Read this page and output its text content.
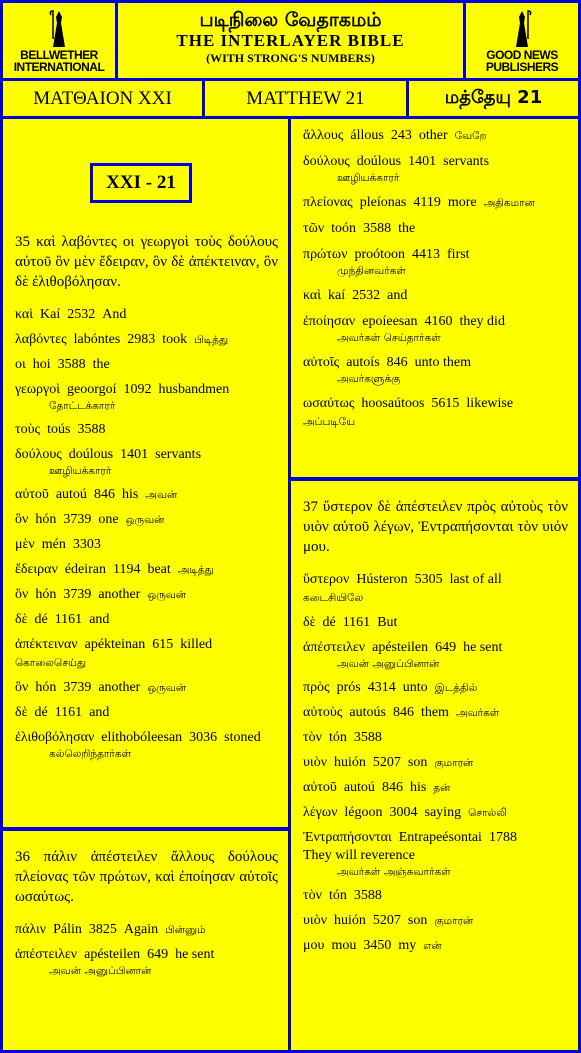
BELLWETHER
INTERNATIONAL
படிநிலை வேதாகமம்
THE INTERLAYER BIBLE
(WITH STRONG'S NUMBERS)	GOOD NEWS
PUBLISHERS
ΜΑΤΘΑΙΟΝ XXI	MATTHEW 21	மத்தேயு 21
XXI - 21
35 καὶ λαβόντες οι γεωργοὶ τοὺς δούλους αὐτοῦ ὃν μὲν ἔδειραν, ὃν δὲ ἀπέκτειναν, ὃν δὲ ἐλιθοβόλησαν.
καὶ Kaí 2532 And
λαβόντες labóntes 2983 took பிடித்து
οι hoi 3588 the
γεωργοὶ geoorgoí 1092 husbandmen
தோட்டக்காரர்
τοὺς toús 3588
δούλους doúlous 1401 servants
ஊழியக்காரர்
αὐτοῦ autoú 846 his அவன்
ὃν hón 3739 one ஒருவன்
μὲν mén 3303
ἔδειραν édeiran 1194 beat அடித்து
ὃν hón 3739 another ஒருவன்
δὲ dé 1161 and
ἀπέκτειναν apékteinan 615 killed
கொலைசெய்து
ὃν hón 3739 another ஒருவன்
δὲ dé 1161 and
ἐλιθοβόλησαν elithobóleesan 3036 stoned
கல்லெறிந்தார்கள்
36 πάλιν ἀπέστειλεν ἄλλους δούλους πλείονας τῶν πρώτων, καὶ ἐποίησαν αὐτοῖς ωσαύτως.
πάλιν Pálin 3825 Again பின்னும்
ἀπέστειλεν apésteilen 649 he sent
அவன் அனுப்பினான்
ἄλλους állous 243 other வேறே
δούλους doúlous 1401 servants
ஊழியக்காரர்
πλείονας pleíonas 4119 more அதிகமான
τῶν toón 3588 the
πρώτων proótoon 4413 first
முந்தினவர்கள்
καὶ kaí 2532 and
ἐποίησαν epoíeesan 4160 they did
அவர்கள் செய்தார்கள்
αὐτοῖς autoís 846 unto them
அவர்களுக்கு
ωσαύτως hoosaútoos 5615 likewise
அப்படியே
37 ὕστερον δὲ ἀπέστειλεν πρὸς αὐτοὺς τὸν υιὸν αὐτοῦ λέγων, Ἐντραπήσονται τὸν υιόν μου.
ὕστερον Hústeron 5305 last of all
கடைசியிலே
δὲ dé 1161 But
ἀπέστειλεν apésteilen 649 he sent
அவன் அனுப்பினான்
πρὸς prós 4314 unto இடத்தில்
αὐτοὺς autoús 846 them அவர்கள்
τὸν tón 3588
υιὸν huión 5207 son குமாரன்
αὐτοῦ autoú 846 his தன்
λέγων légoon 3004 saying சொல்லி
Ἐντραπήσονται Entrapeésontai 1788
They will reverence
அவர்கள் அஞ்சுவார்கள்
τὸν tón 3588
υιὸν huión 5207 son குமாரன்
μου mou 3450 my என்
